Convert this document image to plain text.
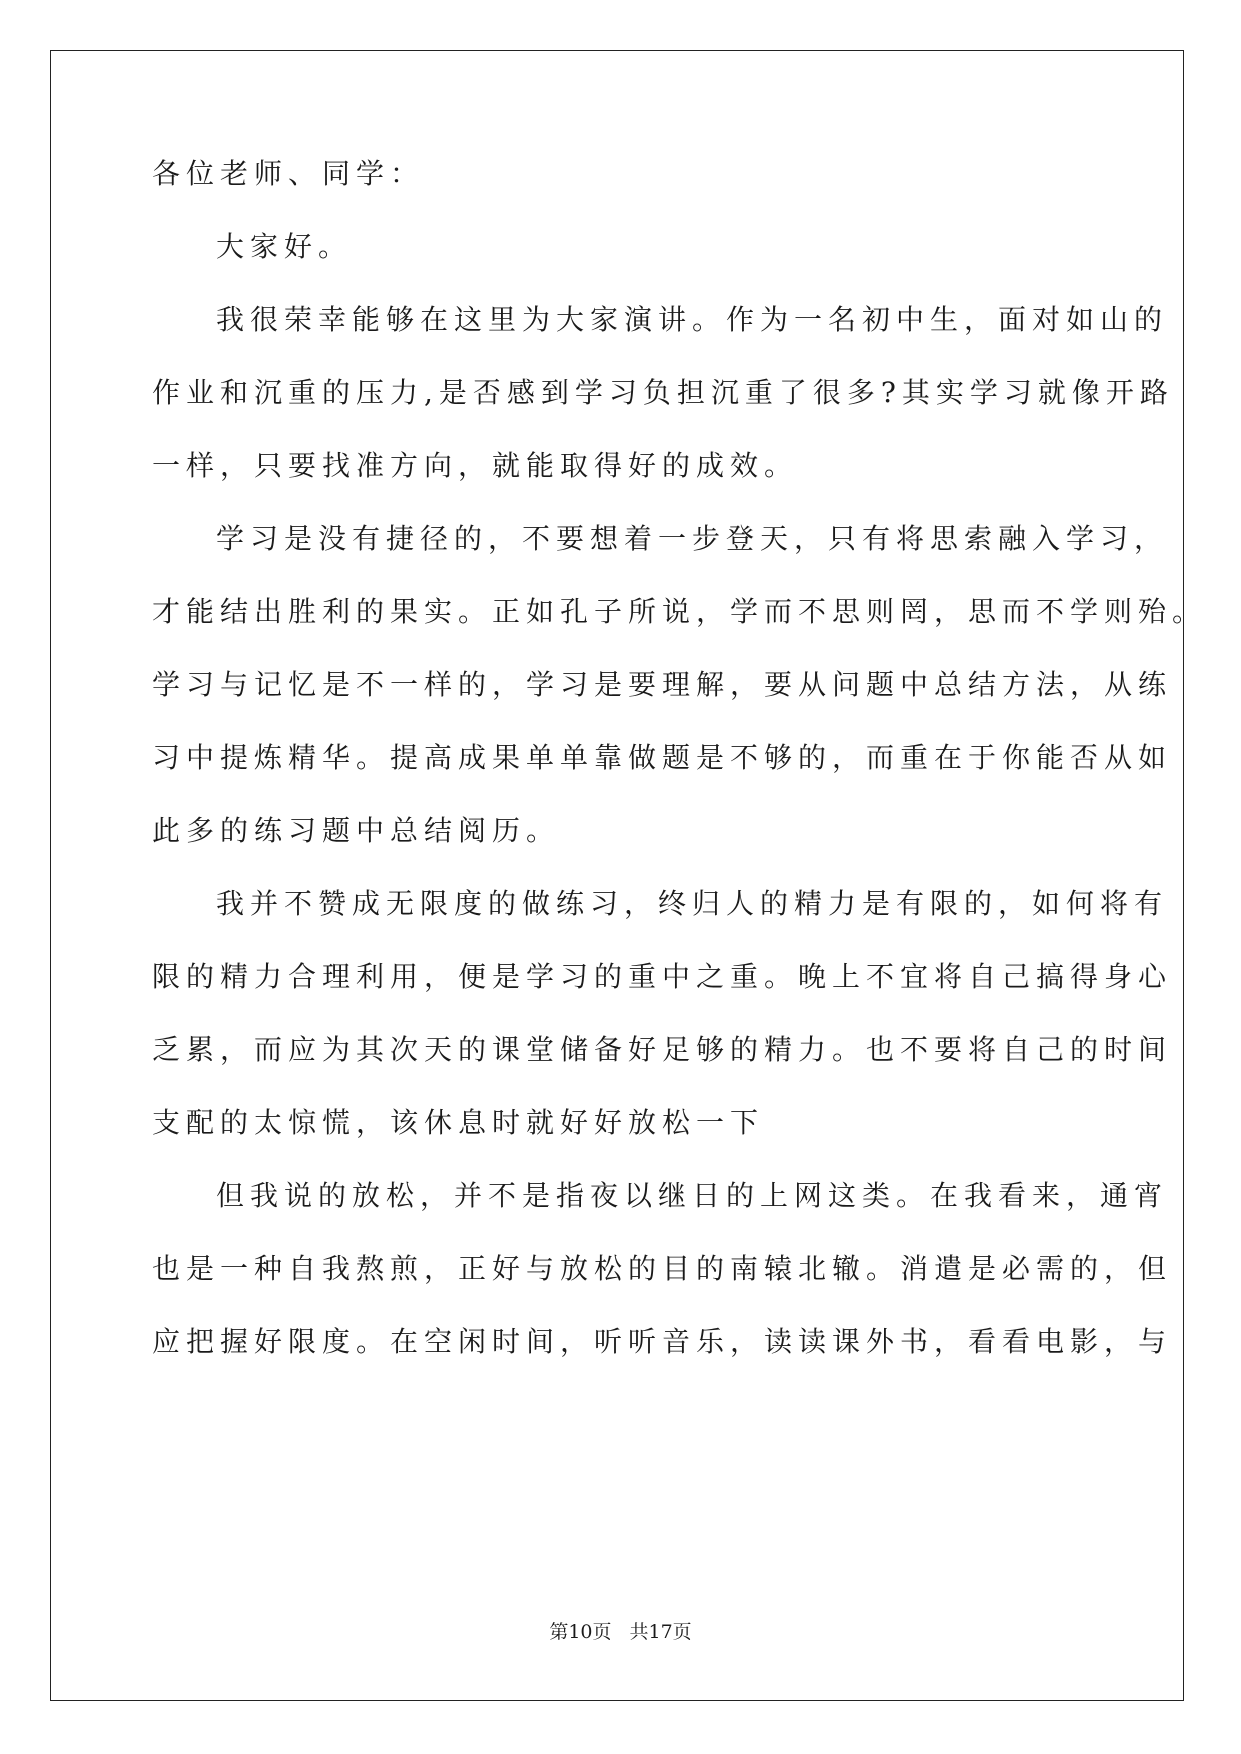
各位老师、同学：
大家好。
我很荣幸能够在这里为大家演讲。作为一名初中生，面对如山的
作业和沉重的压力,是否感到学习负担沉重了很多?其实学习就像开路
一样，只要找准方向，就能取得好的成效。
学习是没有捷径的，不要想着一步登天，只有将思索融入学习，
才能结出胜利的果实。正如孔子所说，学而不思则罔，思而不学则殆。
学习与记忆是不一样的，学习是要理解，要从问题中总结方法，从练
习中提炼精华。提高成果单单靠做题是不够的，而重在于你能否从如
此多的练习题中总结阅历。
我并不赞成无限度的做练习，终归人的精力是有限的，如何将有
限的精力合理利用，便是学习的重中之重。晚上不宜将自己搞得身心
乏累，而应为其次天的课堂储备好足够的精力。也不要将自己的时间
支配的太惊慌，该休息时就好好放松一下
但我说的放松，并不是指夜以继日的上网这类。在我看来，通宵
也是一种自我熬煎，正好与放松的目的南辕北辙。消遣是必需的，但
应把握好限度。在空闲时间，听听音乐，读读课外书，看看电影，与
第10页 共17页
